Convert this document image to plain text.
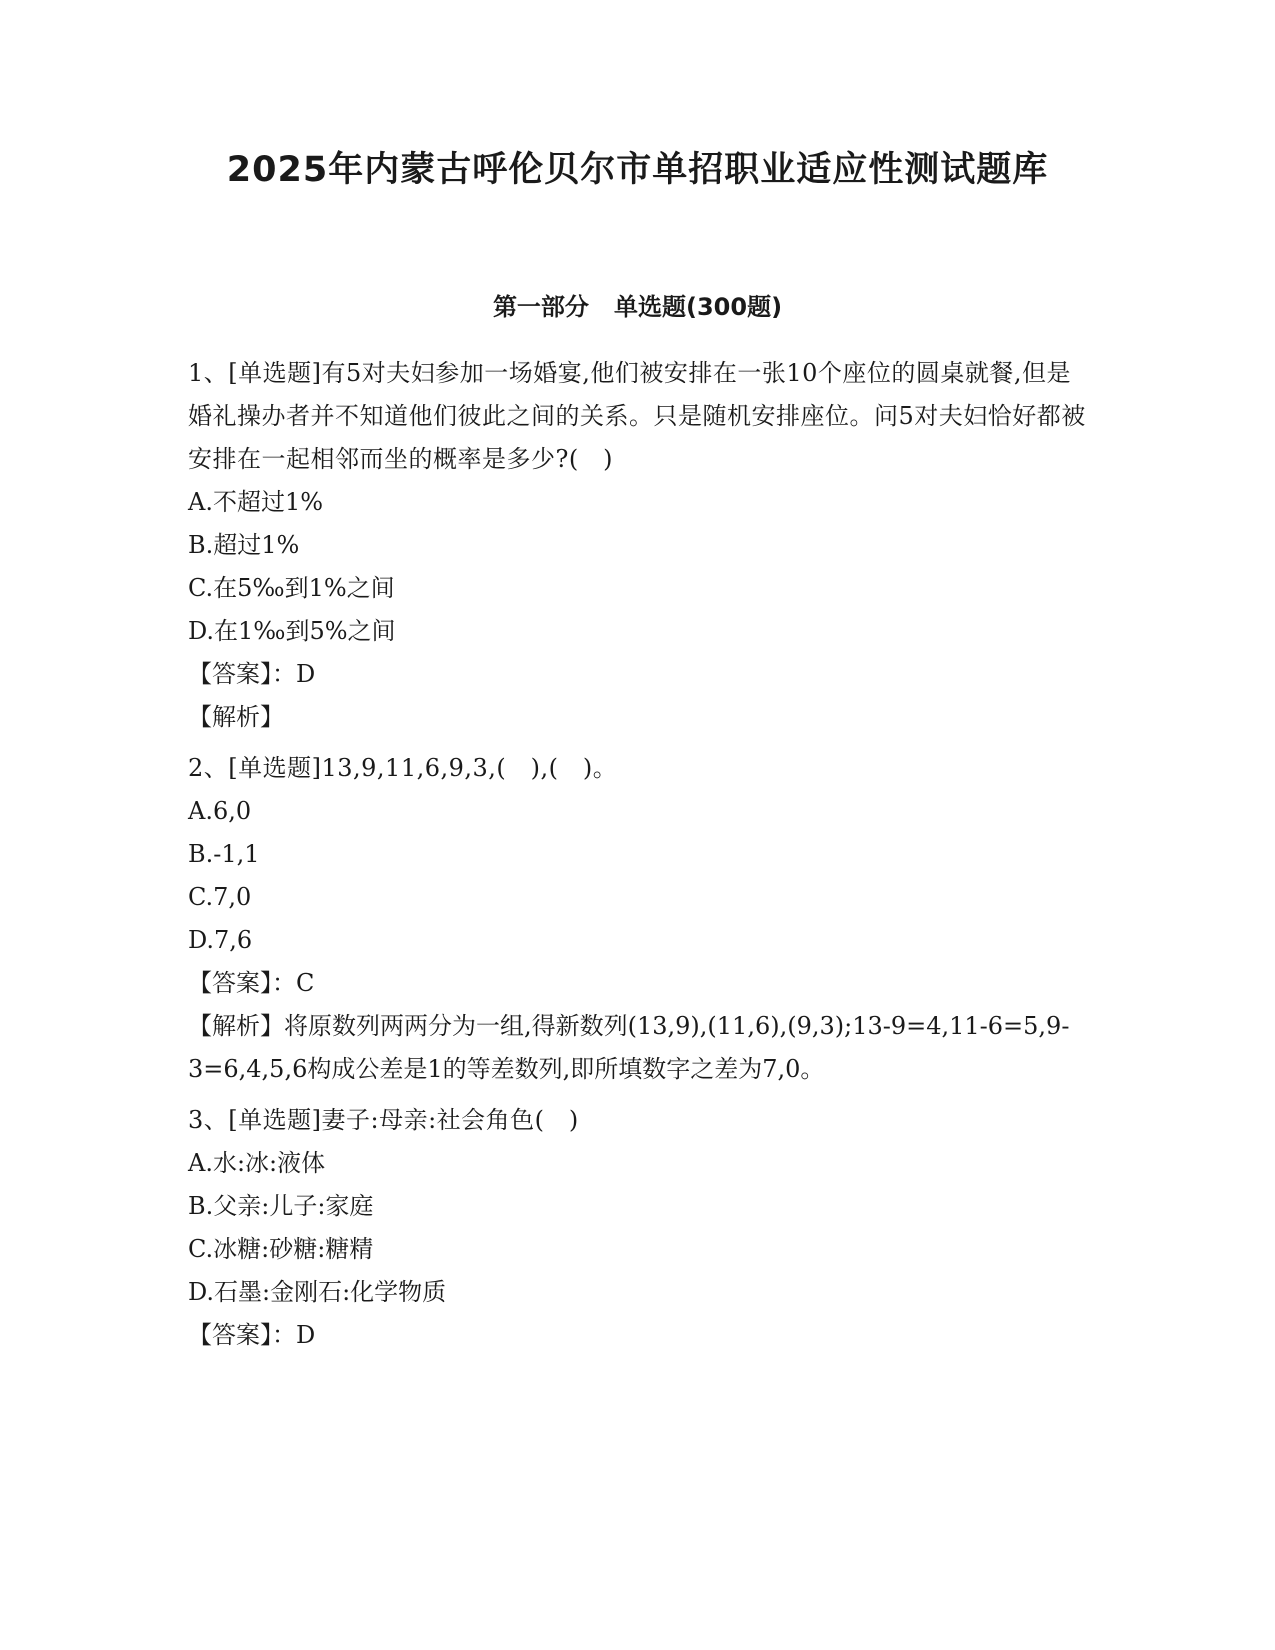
2025年内蒙古呼伦贝尔市单招职业适应性测试题库
第一部分   单选题(300题)
1、[单选题]有5对夫妇参加一场婚宴,他们被安排在一张10个座位的圆桌就餐,但是婚礼操办者并不知道他们彼此之间的关系。只是随机安排座位。问5对夫妇恰好都被安排在一起相邻而坐的概率是多少?(   )
A.不超过1%
B.超过1%
C.在5‰到1%之间
D.在1‰到5%之间
【答案】：D
【解析】
2、[单选题]13,9,11,6,9,3,(   ),(   )。
A.6,0
B.-1,1
C.7,0
D.7,6
【答案】：C
【解析】将原数列两两分为一组,得新数列(13,9),(11,6),(9,3);13-9=4,11-6=5,9-3=6,4,5,6构成公差是1的等差数列,即所填数字之差为7,0。
3、[单选题]妻子:母亲:社会角色(   )
A.水:冰:液体
B.父亲:儿子:家庭
C.冰糖:砂糖:糖精
D.石墨:金刚石:化学物质
【答案】：D
